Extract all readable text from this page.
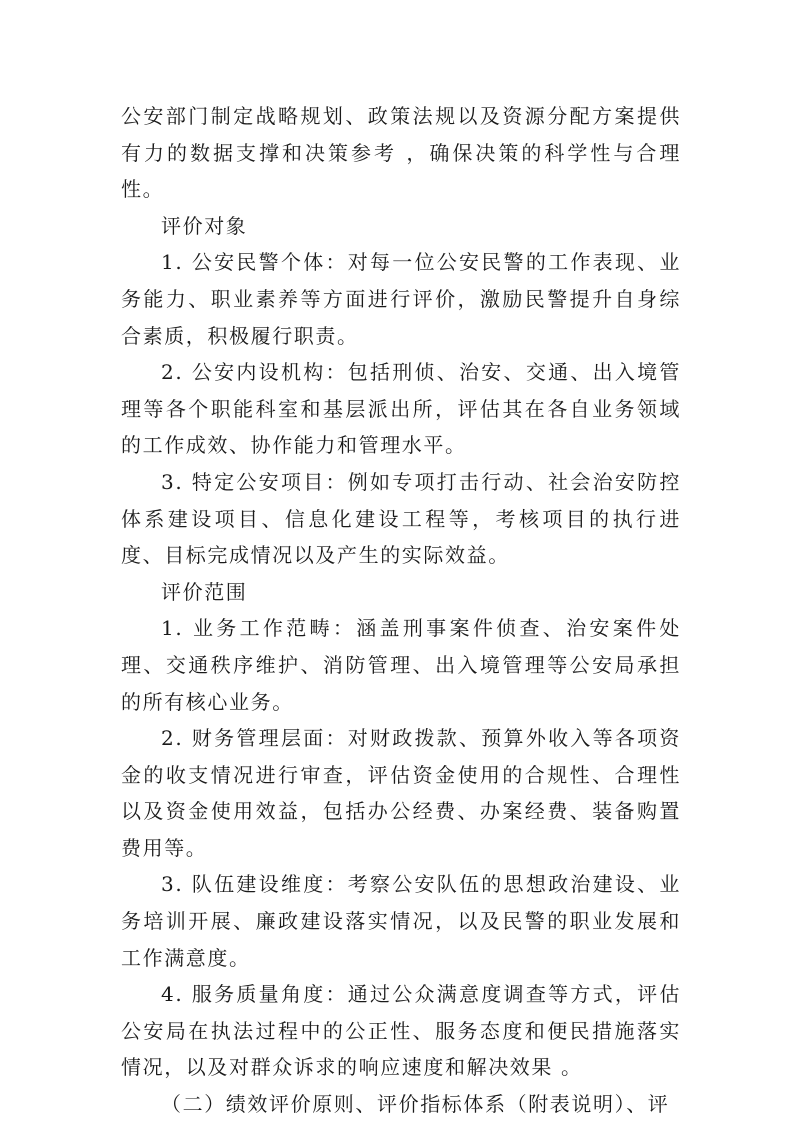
公安部门制定战略规划、政策法规以及资源分配方案提供有力的数据支撑和决策参考 ，确保决策的科学性与合理性。

评价对象

1. 公安民警个体：对每一位公安民警的工作表现、业务能力、职业素养等方面进行评价，激励民警提升自身综合素质，积极履行职责。

2. 公安内设机构：包括刑侦、治安、交通、出入境管理等各个职能科室和基层派出所，评估其在各自业务领域的工作成效、协作能力和管理水平。

3. 特定公安项目：例如专项打击行动、社会治安防控体系建设项目、信息化建设工程等，考核项目的执行进度、目标完成情况以及产生的实际效益。

评价范围

1. 业务工作范畴：涵盖刑事案件侦查、治安案件处理、交通秩序维护、消防管理、出入境管理等公安局承担的所有核心业务。

2. 财务管理层面：对财政拨款、预算外收入等各项资金的收支情况进行审查，评估资金使用的合规性、合理性以及资金使用效益，包括办公经费、办案经费、装备购置费用等。

3. 队伍建设维度：考察公安队伍的思想政治建设、业务培训开展、廉政建设落实情况，以及民警的职业发展和工作满意度。

4. 服务质量角度：通过公众满意度调查等方式，评估公安局在执法过程中的公正性、服务态度和便民措施落实情况，以及对群众诉求的响应速度和解决效果 。

（二）绩效评价原则、评价指标体系（附表说明）、评
